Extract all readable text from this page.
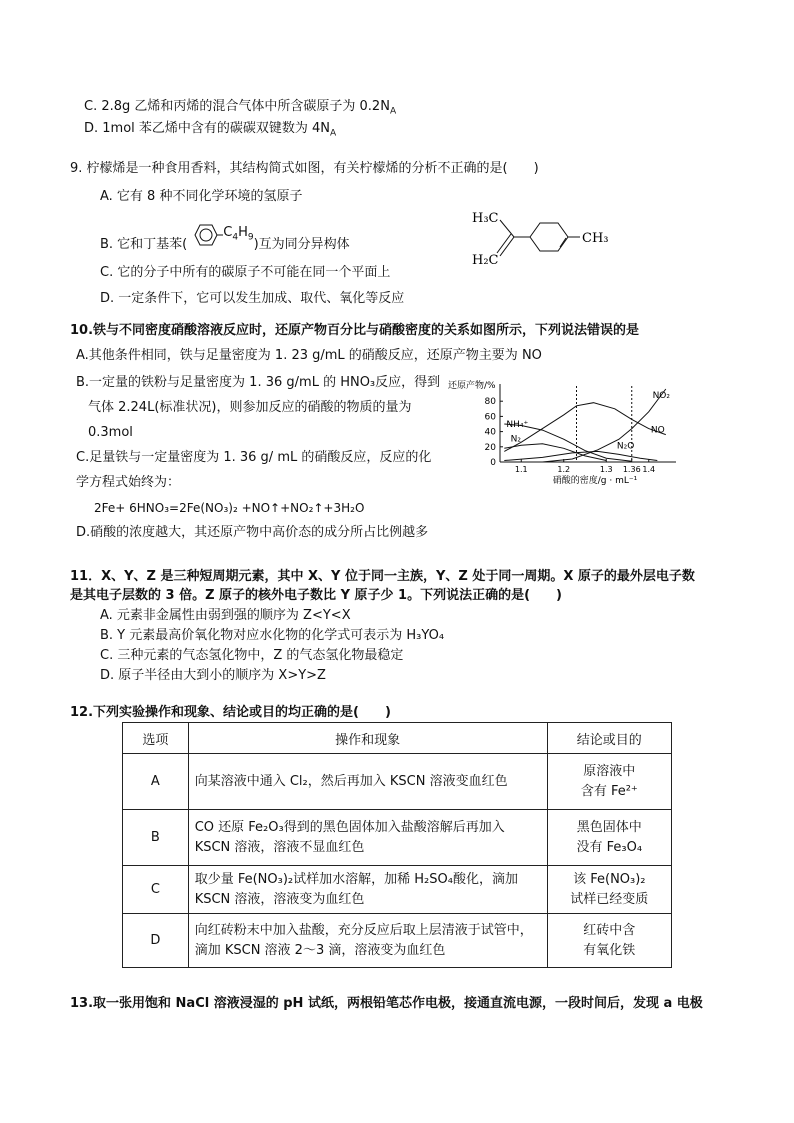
C. 2.8g 乙烯和丙烯的混合气体中所含碳原子为 $0.2N_A$
D. 1mol 苯乙烯中含有的碳碳双键数为 $4N_A$
9. 柠檬烯是一种食用香料，其结构简式如图，有关柠檬烯的分析不正确的是(　　)
A. 它有 8 种不同化学环境的氢原子
B. 它和丁基苯$(C_4H_9)$互为同分异构体
C. 它的分子中所有的碳原子不可能在同一个平面上
D. 一定条件下，它可以发生加成、取代、氧化等反应
H₃C
H₂C
CH₃
10.铁与不同密度硝酸溶液反应时，还原产物百分比与硝酸密度的关系如图所示，下列说法错误的是
A.其他条件相同，铁与足量密度为 1. 23 g/mL 的硝酸反应，还原产物主要为 NO
B.一定量的铁粉与足量密度为 1. 36 g/mL 的 HNO₃反应，得到
气体 2.24L(标准状况)，则参加反应的硝酸的物质的量为
0.3mol
C.足量铁与一定量密度为 1. 36 g/ mL 的硝酸反应，反应的化
学方程式始终为：
2Fe+ 6HNO₃=2Fe(NO₃)₂ +NO↑+NO₂↑+3H₂O
D.硝酸的浓度越大，其还原产物中高价态的成分所占比例越多
0
20
40
60
80
1.1	1.2	1.3 1.36 1.4
还原产物/%
硝酸的密度/g · mL⁻¹
NH₄⁺
N₂
NO
N₂O
NO₂
11．X、Y、Z 是三种短周期元素，其中 X、Y 位于同一主族，Y、Z 处于同一周期。X 原子的最外层电子数
是其电子层数的 3 倍。Z 原子的核外电子数比 Y 原子少 1。下列说法正确的是(　　)
A. 元素非金属性由弱到强的顺序为 Z<Y<X
B. Y 元素最高价氧化物对应水化物的化学式可表示为 H₃YO₄
C. 三种元素的气态氢化物中，Z 的气态氢化物最稳定
D. 原子半径由大到小的顺序为 X>Y>Z
12.下列实验操作和现象、结论或目的均正确的是(　　)
选项	操作和现象	结论或目的
A	向某溶液中通入 Cl₂，然后再加入 KSCN 溶液变血红色	原溶液中
含有 Fe²⁺

B	CO 还原 Fe₂O₃得到的黑色固体加入盐酸溶解后再加入 KSCN 溶液，溶液不显血红色	黑色固体中
没有 Fe₃O₄

C	取少量 Fe(NO₃)₂试样加水溶解，加稀 H₂SO₄酸化，滴加 KSCN 溶液，溶液变为血红色	该 Fe(NO₃)₂
试样已经变质

D	向红砖粉末中加入盐酸，充分反应后取上层清液于试管中，滴加 KSCN 溶液 2～3 滴，溶液变为血红色	红砖中含
有氧化铁
13.取一张用饱和 NaCl 溶液浸湿的 pH 试纸，两根铅笔芯作电极，接通直流电源，一段时间后，发现 a 电极
